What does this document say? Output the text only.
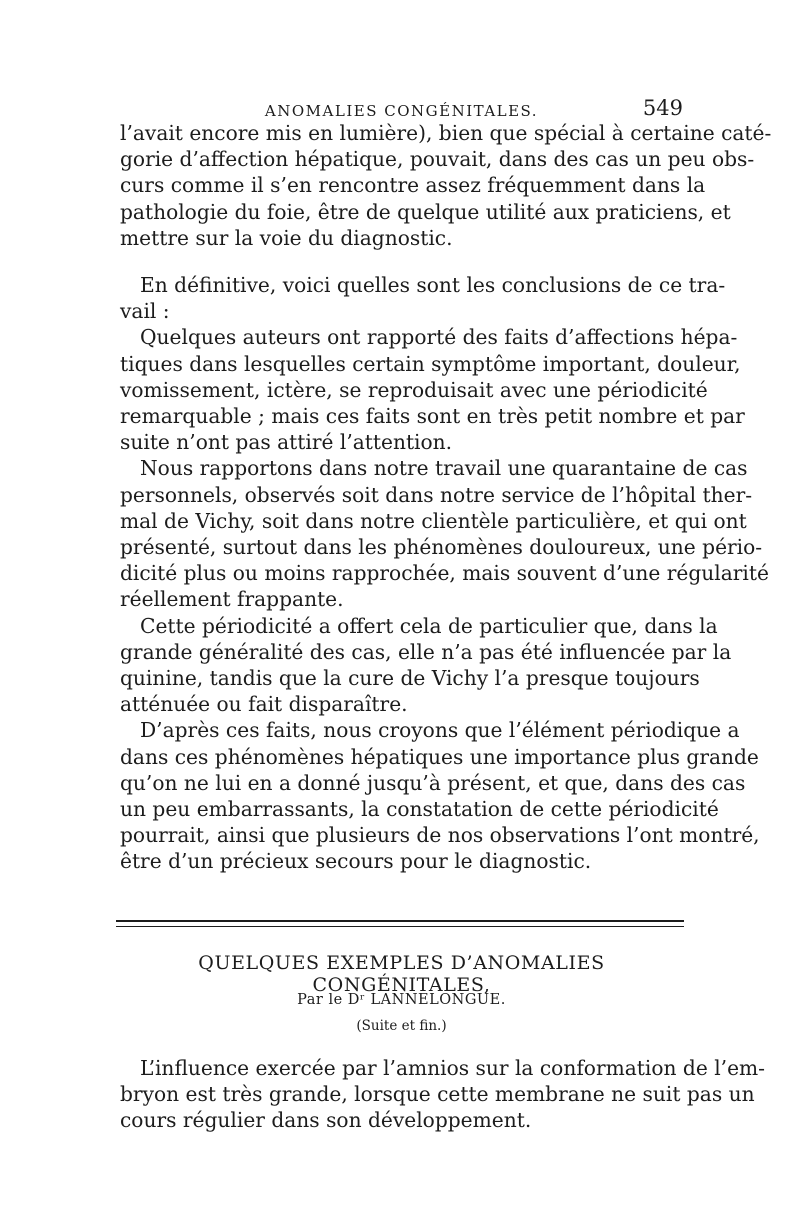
ANOMALIES CONGÉNITALES.	549
l’avait encore mis en lumière), bien que spécial à certaine caté-
gorie d’affection hépatique, pouvait, dans des cas un peu obs-
curs comme il s’en rencontre assez fréquemment dans la
pathologie du foie, être de quelque utilité aux praticiens, et
mettre sur la voie du diagnostic.
En définitive, voici quelles sont les conclusions de ce tra-
vail :
Quelques auteurs ont rapporté des faits d’affections hépa-
tiques dans lesquelles certain symptôme important, douleur,
vomissement, ictère, se reproduisait avec une périodicité
remarquable ; mais ces faits sont en très petit nombre et par
suite n’ont pas attiré l’attention.
Nous rapportons dans notre travail une quarantaine de cas
personnels, observés soit dans notre service de l’hôpital ther-
mal de Vichy, soit dans notre clientèle particulière, et qui ont
présenté, surtout dans les phénomènes douloureux, une pério-
dicité plus ou moins rapprochée, mais souvent d’une régularité
réellement frappante.
Cette périodicité a offert cela de particulier que, dans la
grande généralité des cas, elle n’a pas été influencée par la
quinine, tandis que la cure de Vichy l’a presque toujours
atténuée ou fait disparaître.
D’après ces faits, nous croyons que l’élément périodique a
dans ces phénomènes hépatiques une importance plus grande
qu’on ne lui en a donné jusqu’à présent, et que, dans des cas
un peu embarrassants, la constatation de cette périodicité
pourrait, ainsi que plusieurs de nos observations l’ont montré,
être d’un précieux secours pour le diagnostic.
QUELQUES EXEMPLES D’ANOMALIES CONGÉNITALES,
Par le Dʳ LANNELONGUE.
(Suite et fin.)
L’influence exercée par l’amnios sur la conformation de l’em-
bryon est très grande, lorsque cette membrane ne suit pas un
cours régulier dans son développement.
